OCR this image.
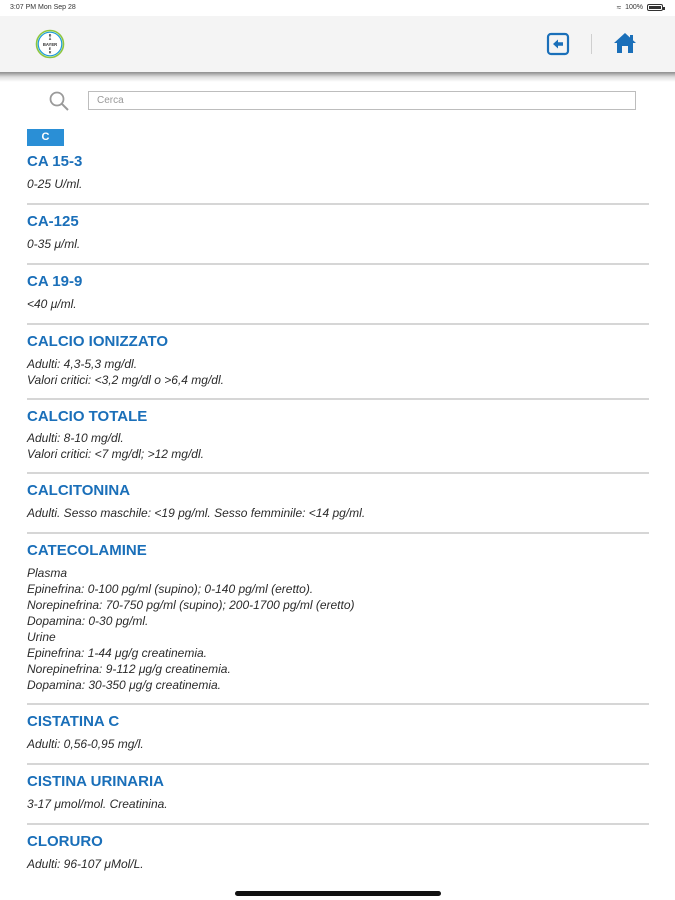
3:07 PM Mon Sep 28	≈ 100%
BAYER
B
A
E
R
Cerca
C
CA 15-3

0-25 U/ml.

CA-125

0-35 μ/ml.

CA 19-9

<40 μ/ml.

CALCIO IONIZZATO

Adulti: 4,3-5,3 mg/dl.
Valori critici: <3,2 mg/dl o >6,4 mg/dl.

CALCIO TOTALE

Adulti: 8-10 mg/dl.
Valori critici: <7 mg/dl; >12 mg/dl.

CALCITONINA

Adulti. Sesso maschile: <19 pg/ml. Sesso femminile: <14 pg/ml.

CATECOLAMINE

Plasma
Epinefrina: 0-100 pg/ml (supino); 0-140 pg/ml (eretto).
Norepinefrina: 70-750 pg/ml (supino); 200-1700 pg/ml (eretto)
Dopamina: 0-30 pg/ml.
Urine
Epinefrina: 1-44 μg/g creatinemia.
Norepinefrina: 9-112 μg/g creatinemia.
Dopamina: 30-350 μg/g creatinemia.

CISTATINA C

Adulti: 0,56-0,95 mg/l.

CISTINA URINARIA

3-17 μmol/mol. Creatinina.

CLORURO

Adulti: 96-107 μMol/L.
